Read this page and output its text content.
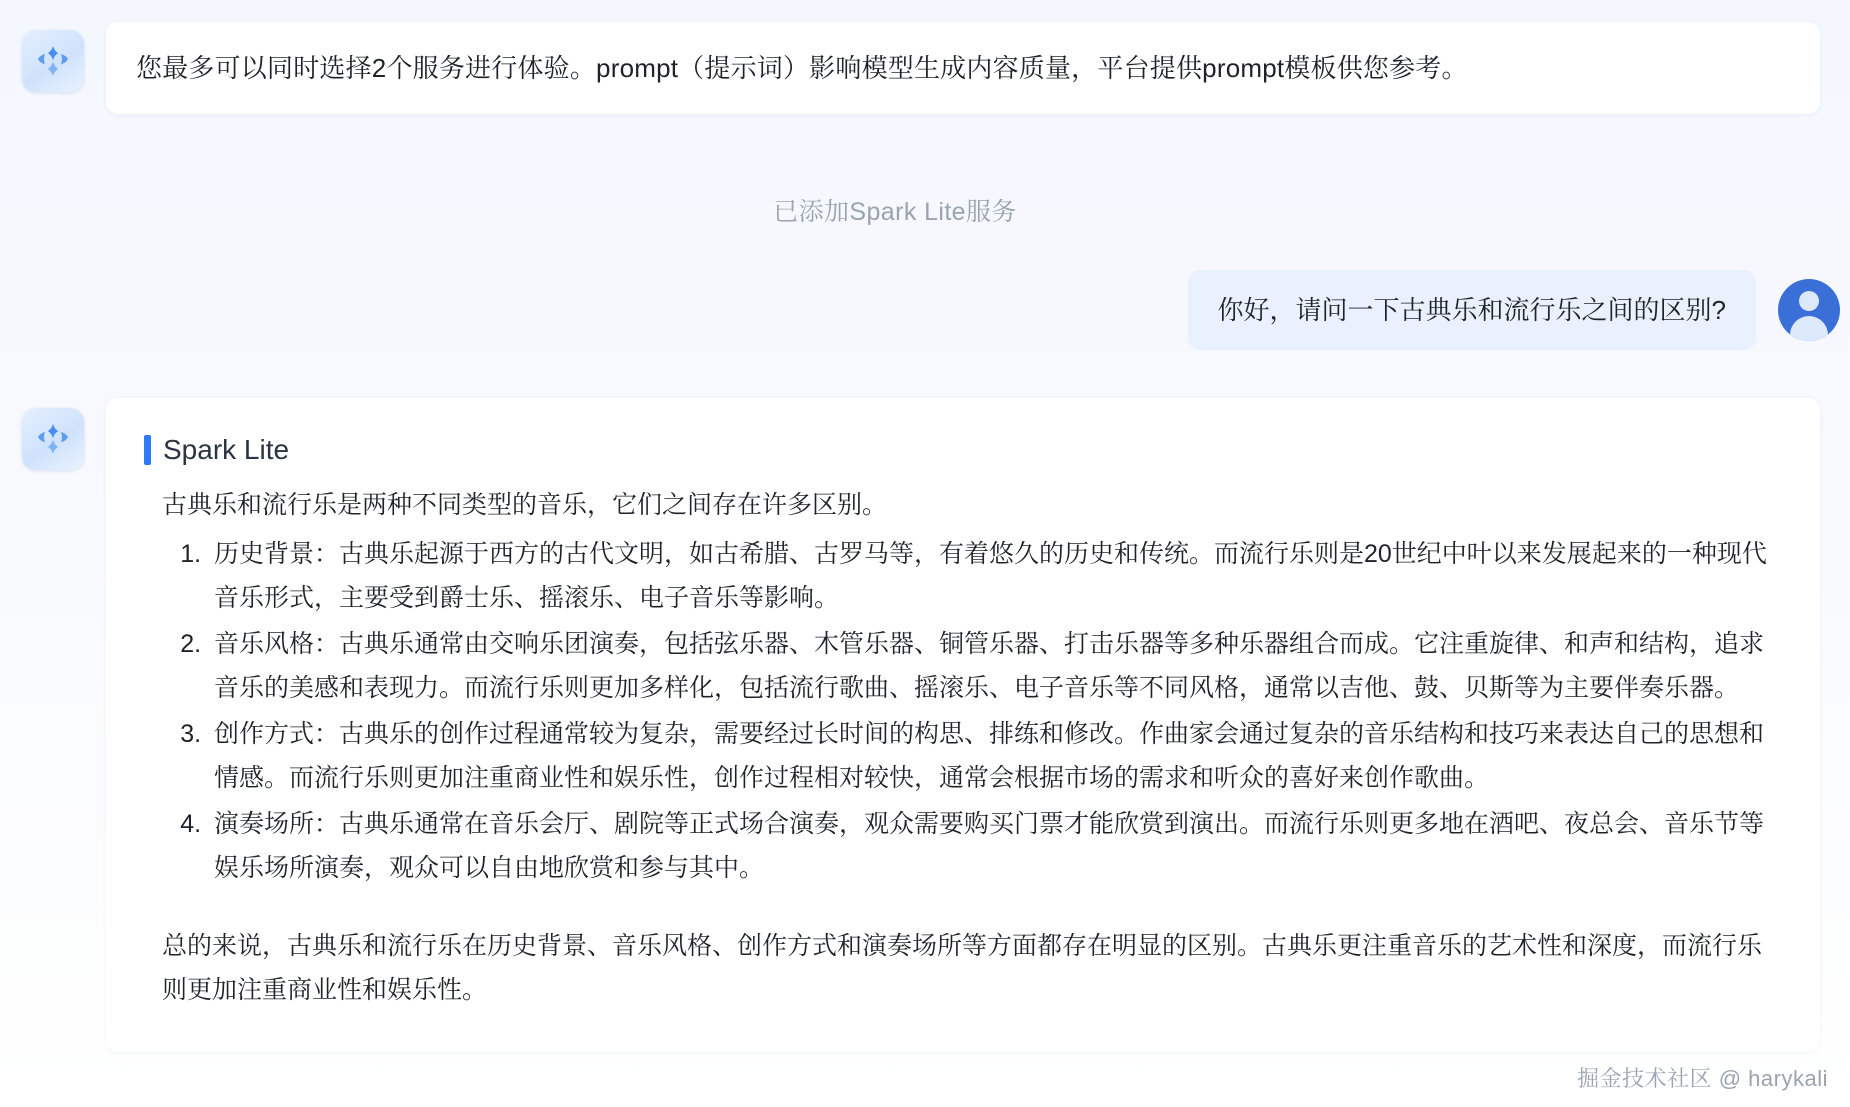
您最多可以同时选择2个服务进行体验。prompt（提示词）影响模型生成内容质量，平台提供prompt模板供您参考。
已添加Spark Lite服务
你好，请问一下古典乐和流行乐之间的区别?
Spark Lite

古典乐和流行乐是两种不同类型的音乐，它们之间存在许多区别。

1. 历史背景：古典乐起源于西方的古代文明，如古希腊、古罗马等，有着悠久的历史和传统。而流行乐则是20世纪中叶以来发展起来的一种现代音乐形式，主要受到爵士乐、摇滚乐、电子音乐等影响。
2. 音乐风格：古典乐通常由交响乐团演奏，包括弦乐器、木管乐器、铜管乐器、打击乐器等多种乐器组合而成。它注重旋律、和声和结构，追求音乐的美感和表现力。而流行乐则更加多样化，包括流行歌曲、摇滚乐、电子音乐等不同风格，通常以吉他、鼓、贝斯等为主要伴奏乐器。
3. 创作方式：古典乐的创作过程通常较为复杂，需要经过长时间的构思、排练和修改。作曲家会通过复杂的音乐结构和技巧来表达自己的思想和情感。而流行乐则更加注重商业性和娱乐性，创作过程相对较快，通常会根据市场的需求和听众的喜好来创作歌曲。
4. 演奏场所：古典乐通常在音乐会厅、剧院等正式场合演奏，观众需要购买门票才能欣赏到演出。而流行乐则更多地在酒吧、夜总会、音乐节等娱乐场所演奏，观众可以自由地欣赏和参与其中。

总的来说，古典乐和流行乐在历史背景、音乐风格、创作方式和演奏场所等方面都存在明显的区别。古典乐更注重音乐的艺术性和深度，而流行乐则更加注重商业性和娱乐性。

掘金技术社区 @ harykali
